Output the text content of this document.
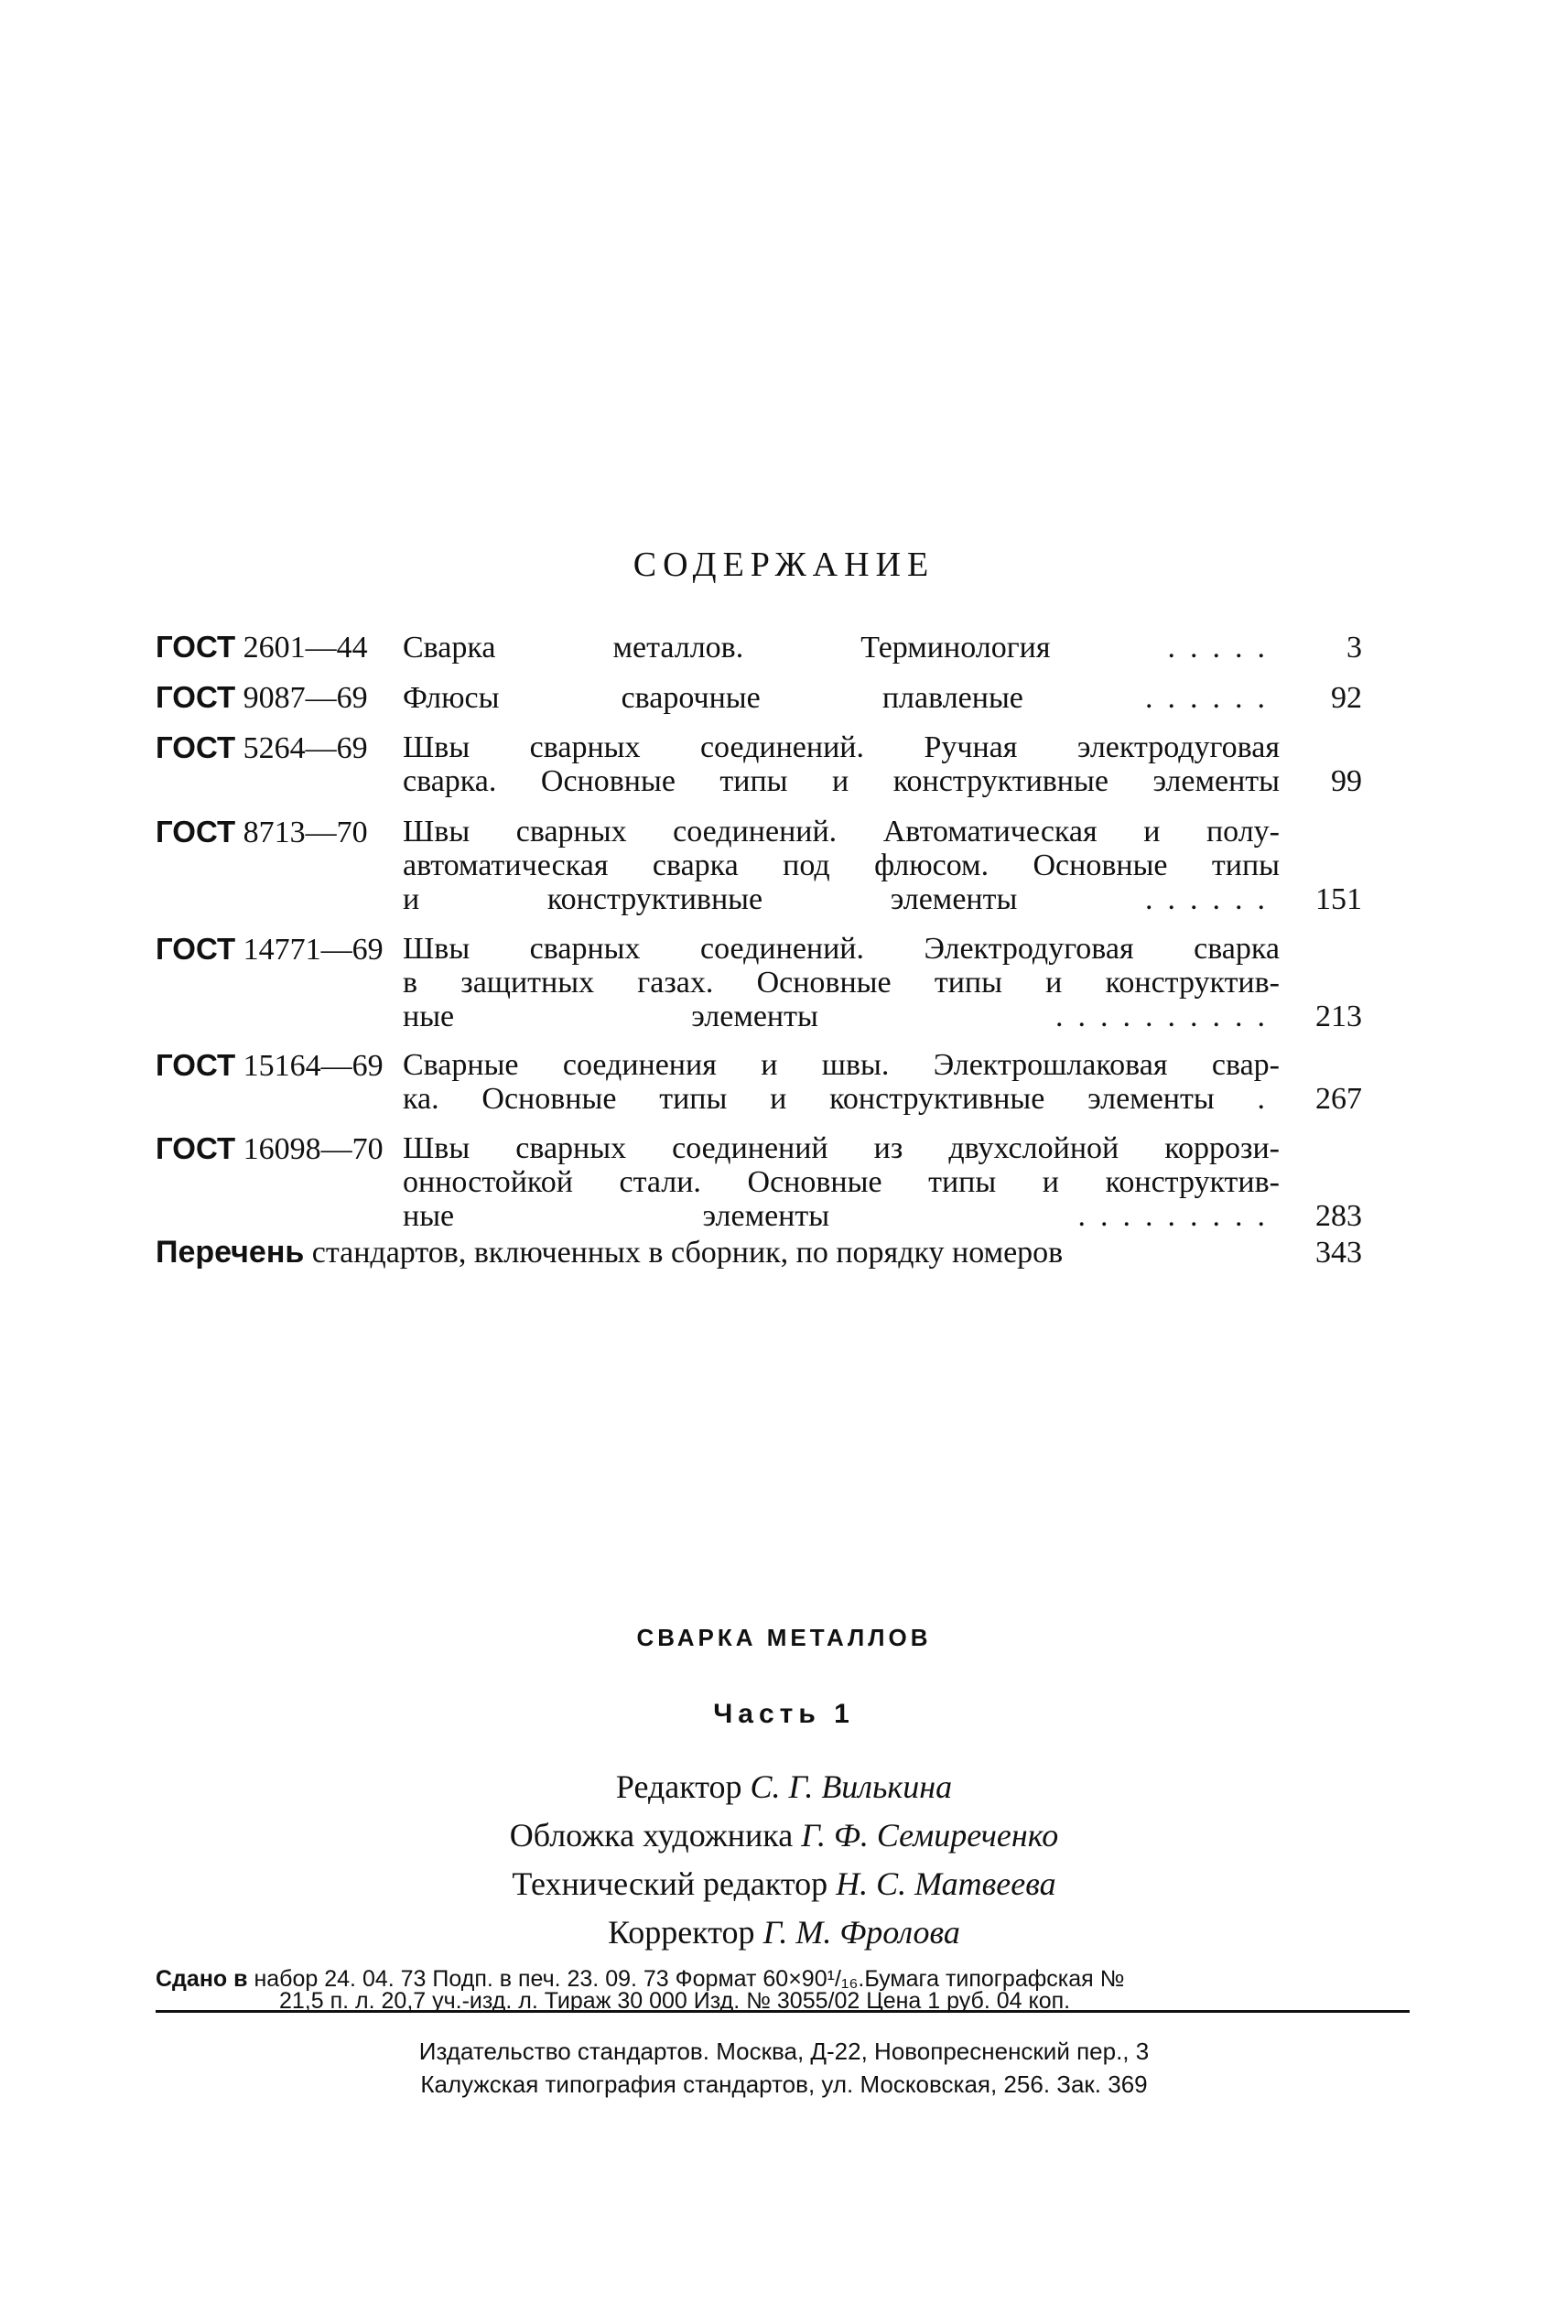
СОДЕРЖАНИЕ
ГОСТ 2601—44	Сварка металлов. Терминология	.....	3
ГОСТ 9087—69	Флюсы сварочные плавленые	......	92
ГОСТ 5264—69	Швы сварных соединений. Ручная электродуговая
сварка. Основные типы и конструктивные элементы	99
ГОСТ 8713—70	Швы сварных соединений. Автоматическая и полу-
автоматическая сварка под флюсом. Основные типы
и конструктивные элементы	......	151
ГОСТ 14771—69 Швы сварных соединений. Электродуговая сварка
в защитных газах. Основные типы и конструктив-
ные элементы	..........	213
ГОСТ 15164—69 Сварные соединения и швы. Электрошлаковая свар-
ка. Основные типы и конструктивные элементы .	267
ГОСТ 16098—70 Швы сварных соединений из двухслойной коррози-
онностойкой стали. Основные типы и конструктив-
ные элементы	.........	283
Перечень стандартов, включенных в сборник, по порядку номеров	343
СВАРКА МЕТАЛЛОВ
Часть 1
Редактор С. Г. Вилькина
Обложка художника Г. Ф. Семиреченко
Технический редактор Н. С. Матвеева
Корректор Г. М. Фролова
Сдано в набор 24. 04. 73 Подп. в печ. 23. 09. 73 Формат 60×90¹/₁₆.Бумага типографская №
21,5 п. л. 20,7 уч.-изд. л. Тираж 30 000 Изд. № 3055/02 Цена 1 руб. 04 коп.
Издательство стандартов. Москва, Д-22, Новопресненский пер., 3
Калужская типография стандартов, ул. Московская, 256. Зак. 369
